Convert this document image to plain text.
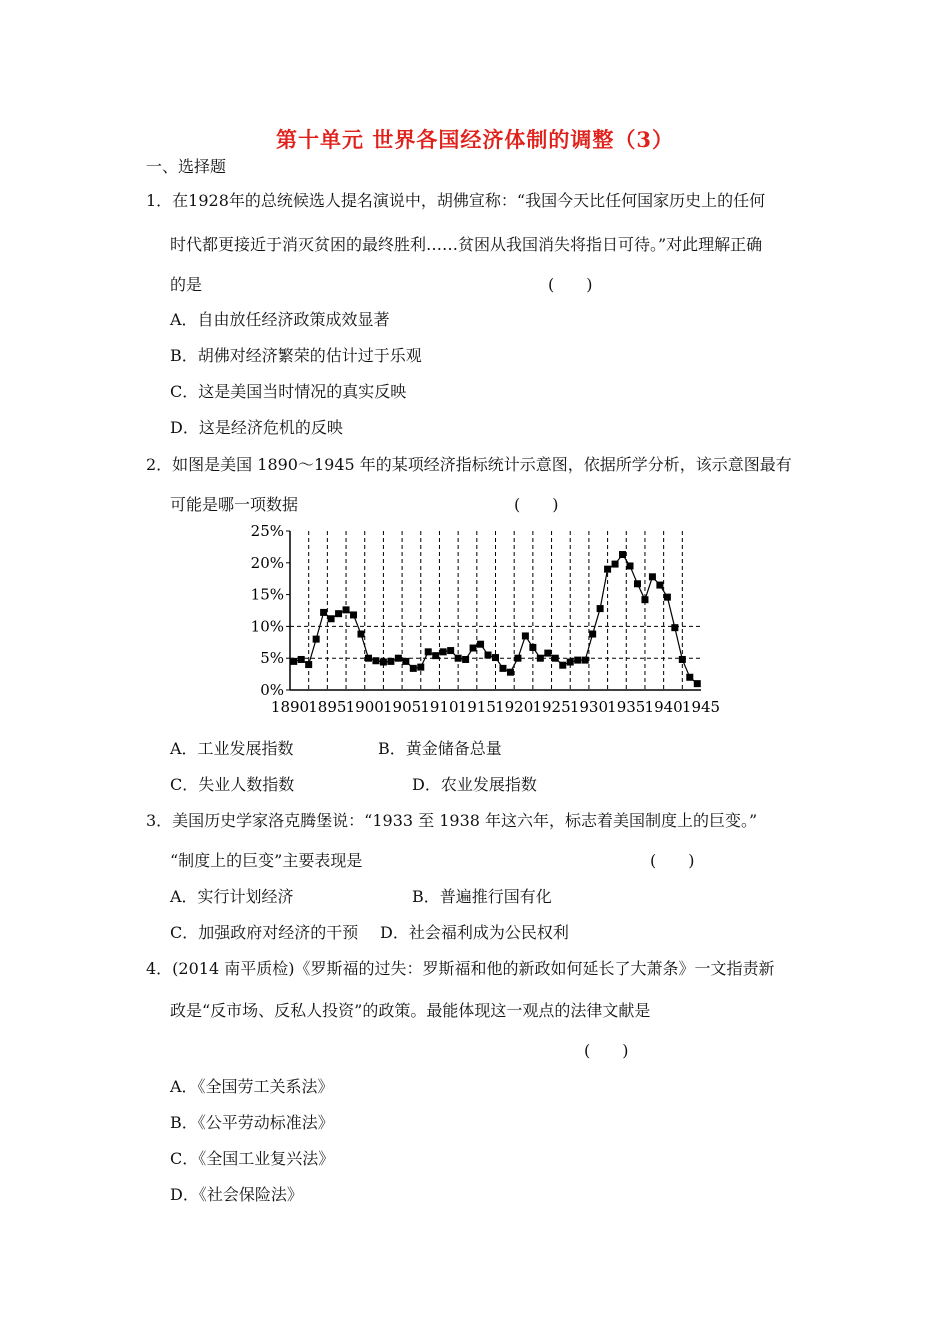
第十单元 世界各国经济体制的调整（3）
一、选择题
1．在1928年的总统候选人提名演说中，胡佛宣称：“我国今天比任何国家历史上的任何
时代都更接近于消灭贫困的最终胜利……贫困从我国消失将指日可待。”对此理解正确
的是	(　　)
A．自由放任经济政策成效显著
B．胡佛对经济繁荣的估计过于乐观
C．这是美国当时情况的真实反映
D．这是经济危机的反映
2．如图是美国 1890～1945 年的某项经济指标统计示意图，依据所学分析，该示意图最有
可能是哪一项数据	(　　)
0%
5%
10%
15%
20%
25%
1890 1895 1900 1905 1910 1915 1920 1925 1930 1935 1940 1945
A．工业发展指数	B．黄金储备总量
C．失业人数指数	D．农业发展指数
3．美国历史学家洛克腾堡说：“1933 至 1938 年这六年，标志着美国制度上的巨变。”
“制度上的巨变”主要表现是	(　　)
A．实行计划经济	B．普遍推行国有化
C．加强政府对经济的干预 D．社会福利成为公民权利
4．(2014 南平质检)《罗斯福的过失：罗斯福和他的新政如何延长了大萧条》一文指责新
政是“反市场、反私人投资”的政策。最能体现这一观点的法律文献是
(　　)
A．《全国劳工关系法》
B．《公平劳动标准法》
C．《全国工业复兴法》
D．《社会保险法》
